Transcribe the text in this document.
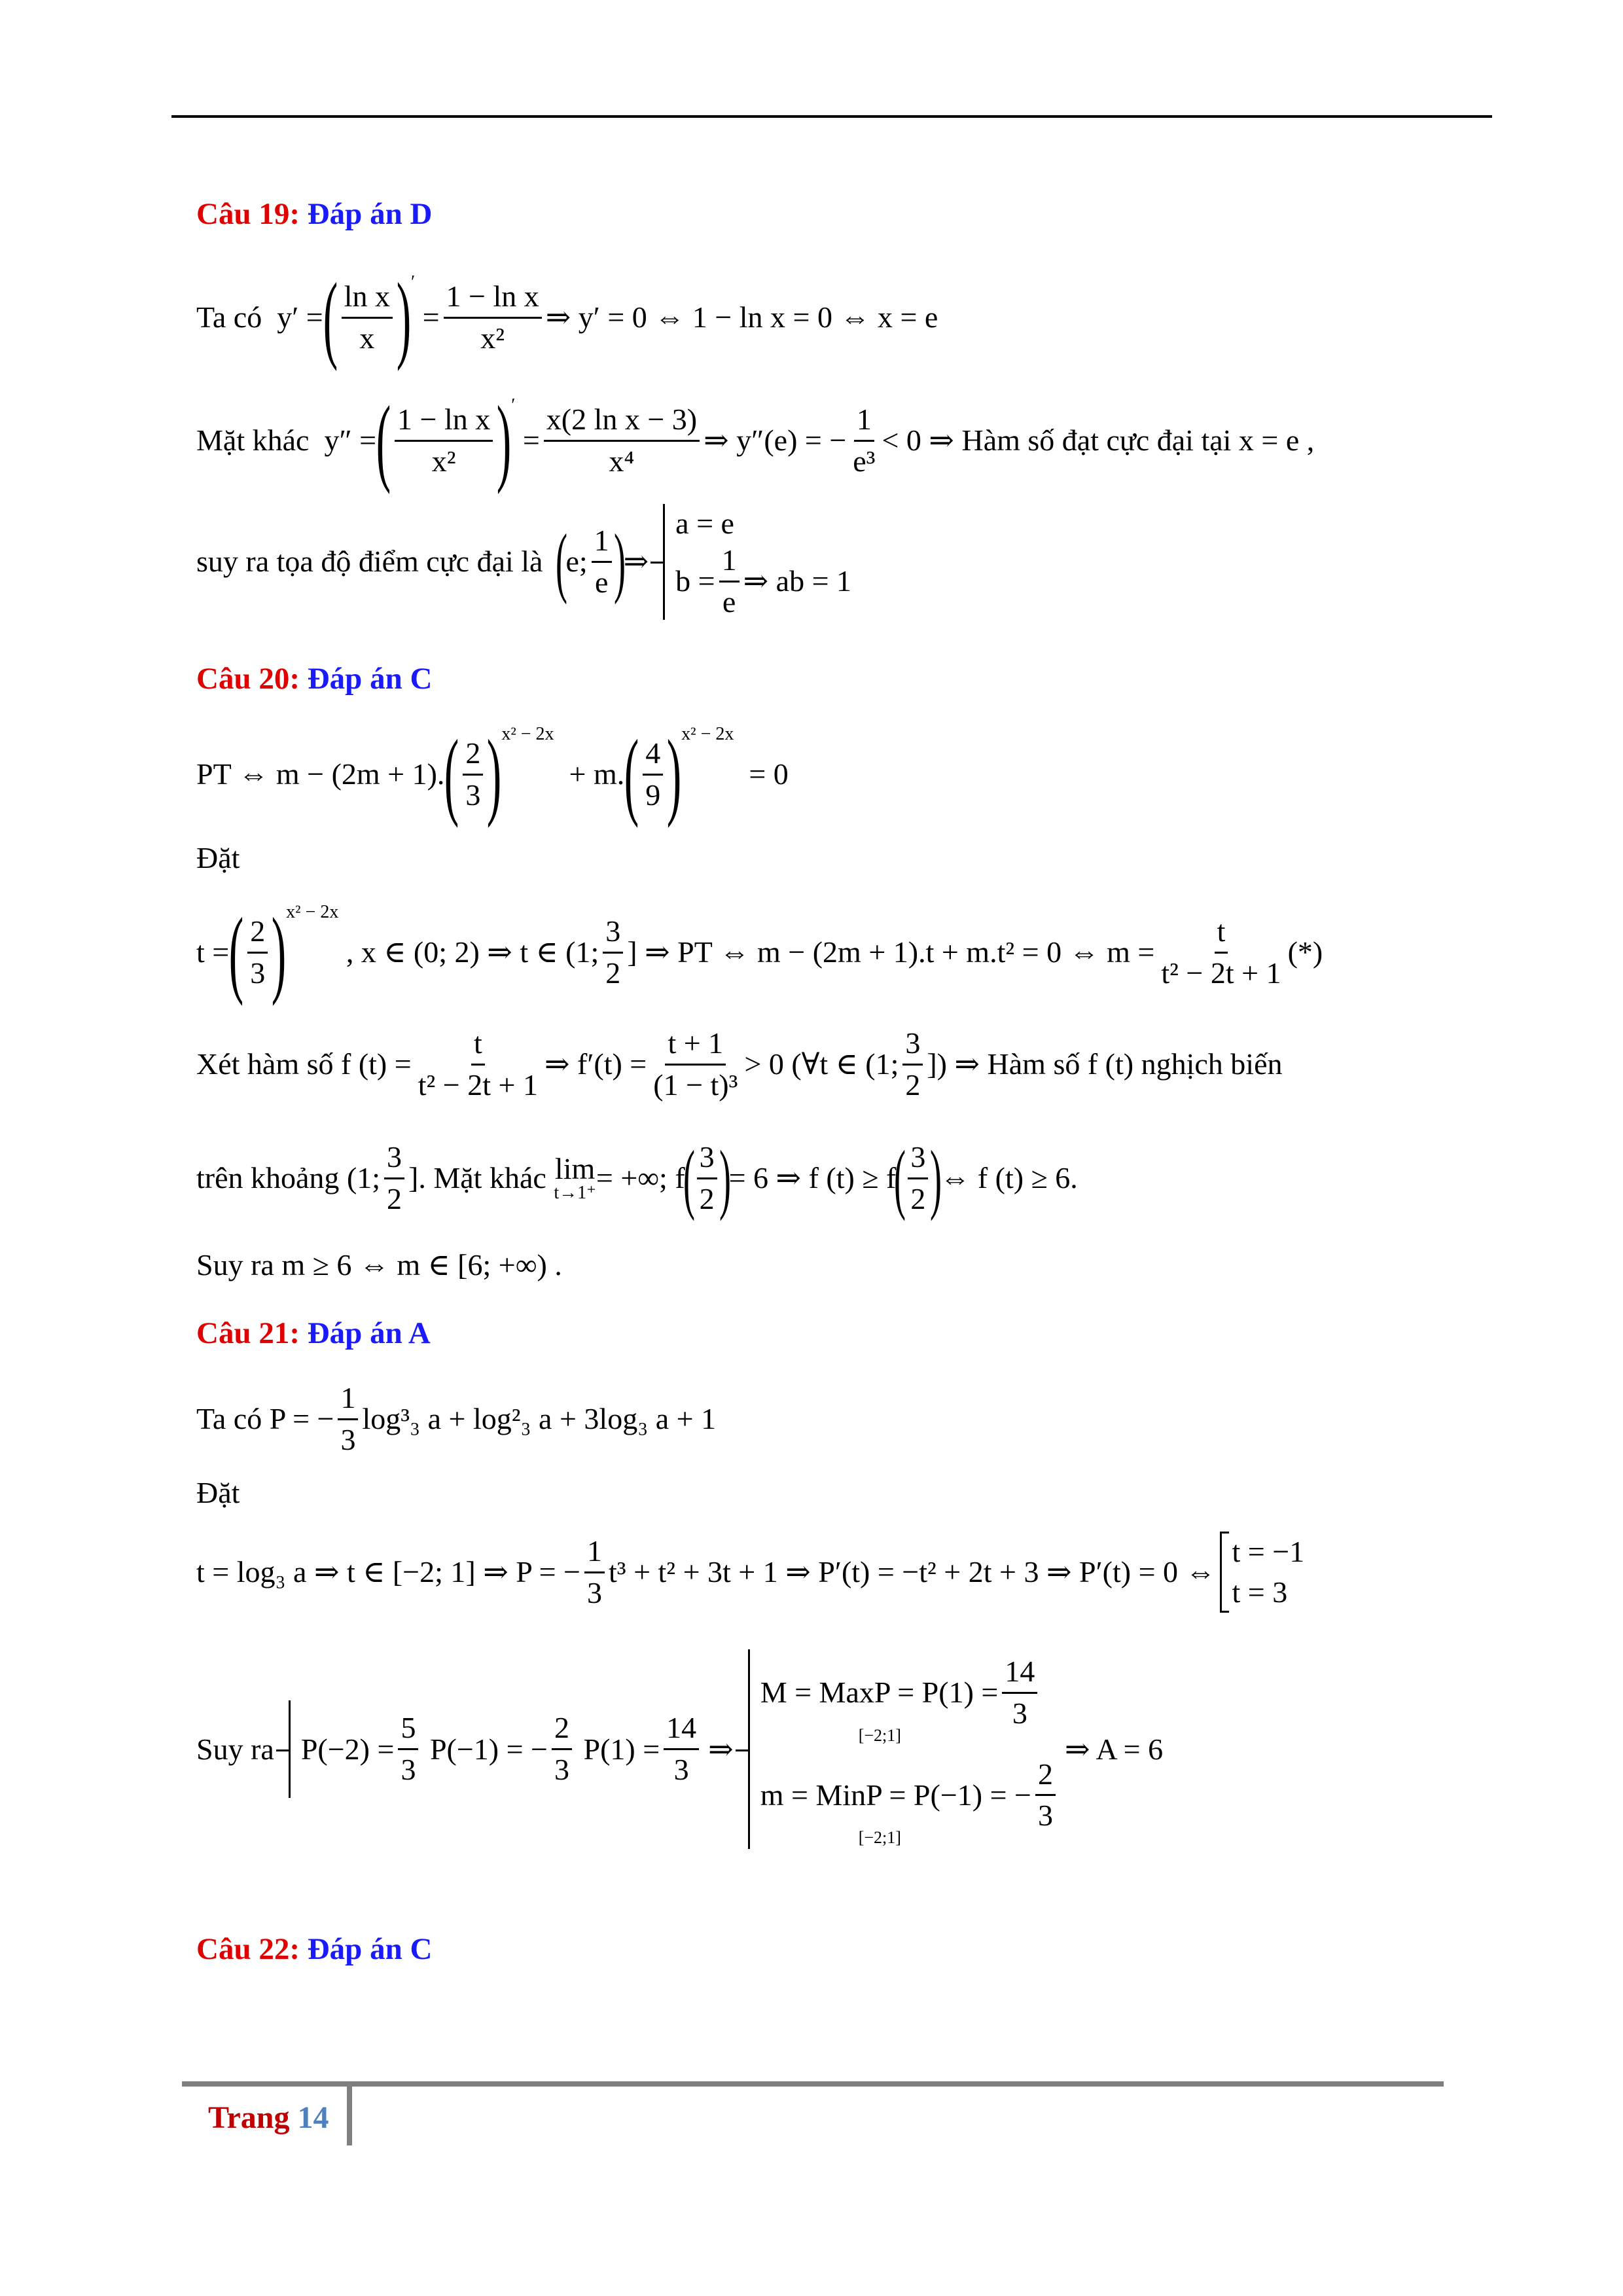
Câu 19: Đáp án D
Ta có
y′ = ( $\frac{\text{ln x}}{x} )'$

= $\frac{\text{1 − ln x}}{\text{x²}}$ ⇒ y′ = 0 ⇔ 1 − ln x = 0 ⇔ x = e
Mặt khác
y″ = ( $\frac{\text{1 − ln x}}{\text{x²}} )'$

= $\frac{\text{x(2 ln x − 3)}}{\text{x⁴}}$ ⇒ y″(e) = − $\frac{1}{\text{e³}} < 0$ ⇒ Hàm số đạt cực đại tại x = e ,
suy ra tọa độ điểm cực đại là
(
e; $\frac{1}{e}$ )
⇒
a = e
$b = \frac{1}{e}$ ⇒ ab = 1
Câu 20: Đáp án C
PT ⇔ m − (2m + 1). ( $\frac{2}{3} )^{x^2 - 2x}$

+ m. ( $\frac{4}{9} )^{x^2 - 2x}$

= 0
Đặt
t = ( $\frac{2}{3} )^{x^2 - 2x}$

, x ∈ (0; 2) ⇒ t ∈ (1; $\frac{3}{2}$ ] ⇒ PT ⇔ m − (2m + 1).t + m.t² = 0 ⇔ $m = \frac{t}{\text{t² − 2t + 1}}$ (*)
Xét hàm số f $(t) = \frac{t}{\text{t² − 2t + 1}}$ ⇒ $f'(t) = \frac{t + 1}{\text{(1 − t)³}} > 0$ (∀t ∈ (1; $\frac{3}{2}$ ]) ⇒ Hàm số f (t) nghịch biến
trên khoảng
(1; $\frac{3}{2}$ ]. Mặt khác
lim
t→1⁺ = +∞; f
( $\frac{3}{2}$ )
= 6 ⇒ f (t) ≥ f
( $\frac{3}{2}$ )
⇔ f (t) ≥ 6.
Suy ra m ≥ 6 ⇔ m ∈ [6; +∞) .
Câu 21: Đáp án A
Ta có P = − $\frac{1}{3} \log^3_3$ a + log²₃ a + 3log₃ a + 1
Đặt
t = log₃ a ⇒ t ∈ [−2; 1] ⇒ P = − $\frac{1}{3} t^3 + t^2 + 3t + 1$ ⇒ P′(t) = −t² + 2t + 3 ⇒ P′(t) = 0 ⇔
t = −1
t = 3
Suy ra $P(-2) = \frac{5}{3}$
P(−1) = − $\frac{2}{3}$
$P(1) = \frac{14}{3}$ ⇒
M = MaxP = $P(1) = \frac{14}{3}$
[−2;1]
m = MinP = P(−1) = − $\frac{2}{3}$
[−2;1]
⇒ A = 6
Câu 22: Đáp án C
Trang 14
